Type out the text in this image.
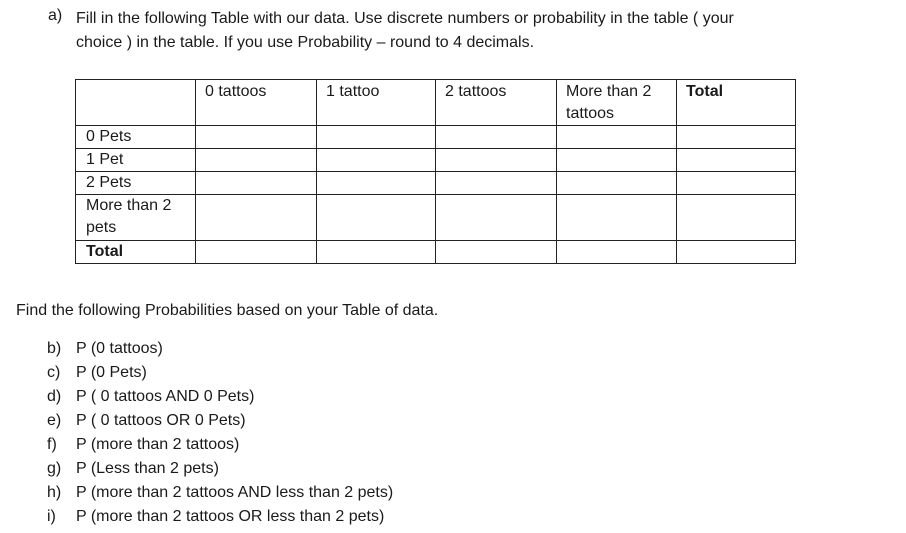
a) Fill in the following Table with our data. Use discrete numbers or probability in the table ( your
choice ) in the table. If you use Probability – round to 4 decimals.
	0 tattoos	1 tattoo	2 tattoos	More than 2 tattoos	Total
0 Pets					
1 Pet					
2 Pets					
More than 2 pets					
Total					
Find the following Probabilities based on your Table of data.
b) P (0 tattoos)
c) P (0 Pets)
d) P ( 0 tattoos AND 0 Pets)
e) P ( 0 tattoos OR 0 Pets)
f) P (more than 2 tattoos)
g) P (Less than 2 pets)
h) P (more than 2 tattoos AND less than 2 pets)
i) P (more than 2 tattoos OR less than 2 pets)
